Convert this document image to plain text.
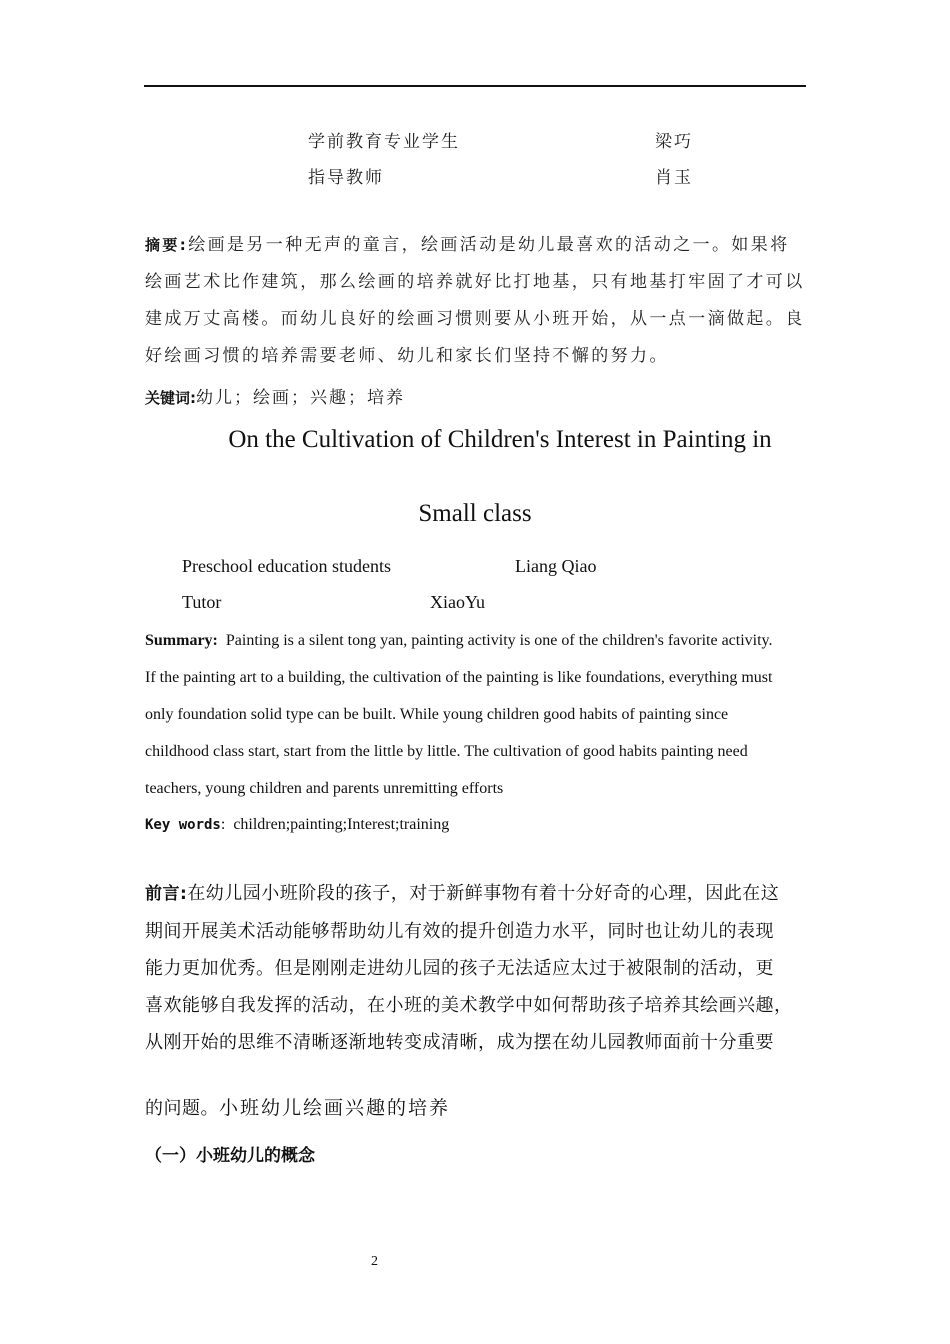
学前教育专业学生	梁巧
指导教师	肖玉
摘要:绘画是另一种无声的童言，绘画活动是幼儿最喜欢的活动之一。如果将
绘画艺术比作建筑，那么绘画的培养就好比打地基，只有地基打牢固了才可以
建成万丈高楼。而幼儿良好的绘画习惯则要从小班开始，从一点一滴做起。良
好绘画习惯的培养需要老师、幼儿和家长们坚持不懈的努力。
关键词:幼儿；绘画；兴趣；培养
On the Cultivation of Children's Interest in Painting in
Small class
Preschool education students	Liang Qiao
Tutor	XiaoYu
Summary: Painting is a silent tong yan, painting activity is one of the children's favorite activity.
If the painting art to a building, the cultivation of the painting is like foundations, everything must
only foundation solid type can be built. While young children good habits of painting since
childhood class start, start from the little by little. The cultivation of good habits painting need
teachers, young children and parents unremitting efforts
Key words:  children;painting;Interest;training
前言:在幼儿园小班阶段的孩子，对于新鲜事物有着十分好奇的心理，因此在这
期间开展美术活动能够帮助幼儿有效的提升创造力水平，同时也让幼儿的表现
能力更加优秀。但是刚刚走进幼儿园的孩子无法适应太过于被限制的活动，更
喜欢能够自我发挥的活动，在小班的美术教学中如何帮助孩子培养其绘画兴趣，
从刚开始的思维不清晰逐渐地转变成清晰，成为摆在幼儿园教师面前十分重要
的问题。小班幼儿绘画兴趣的培养
（一）小班幼儿的概念
2
